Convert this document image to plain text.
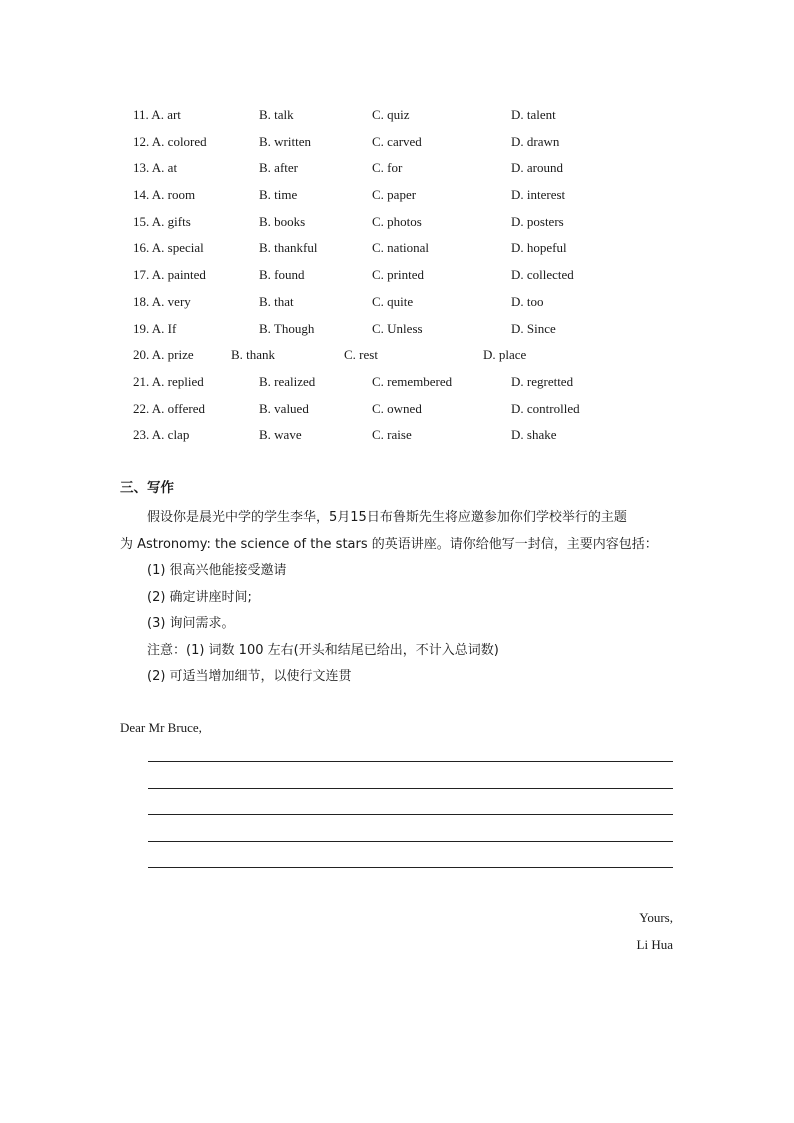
11. A. art	B. talk	C. quiz	D. talent
12. A. colored	B. written	C. carved	D. drawn
13. A. at	B. after	C. for	D. around
14. A. room	B. time	C. paper	D. interest
15. A. gifts	B. books	C. photos	D. posters
16. A. special	B. thankful	C. national	D. hopeful
17. A. painted	B. found	C. printed	D. collected
18. A. very	B. that	C. quite	D. too
19. A. If	B. Though	C. Unless	D. Since
20. A. prize	B. thank	C. rest	D. place
21. A. replied	B. realized	C. remembered	D. regretted
22. A. offered	B. valued	C. owned	D. controlled
23. A. clap	B. wave	C. raise	D. shake
三、写作

假设你是晨光中学的学生李华，5月15日布鲁斯先生将应邀参加你们学校举行的主题

为 Astronomy: the science of the stars 的英语讲座。请你给他写一封信，主要内容包括：

(1) 很高兴他能接受邀请

(2) 确定讲座时间;

(3) 询问需求。

注意：(1) 词数 100 左右(开头和结尾已给出，不计入总词数)

(2) 可适当增加细节，以使行文连贯

Dear Mr Bruce,
Yours,
Li Hua
